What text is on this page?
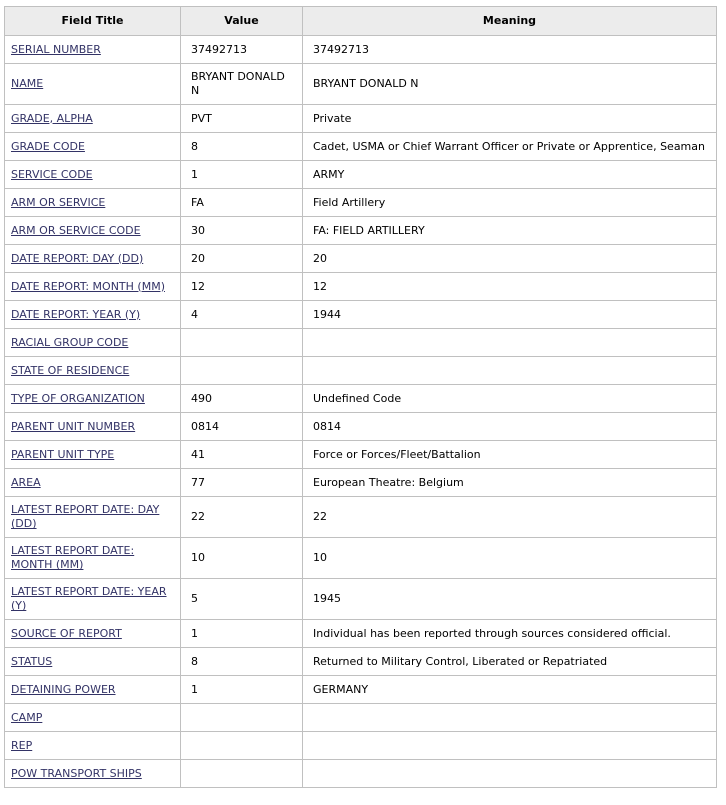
Field Title	Value	Meaning
SERIAL NUMBER	37492713	37492713
NAME	BRYANT DONALD N	BRYANT DONALD N
GRADE, ALPHA	PVT	Private
GRADE CODE	8	Cadet, USMA or Chief Warrant Officer or Private or Apprentice, Seaman
SERVICE CODE	1	ARMY
ARM OR SERVICE	FA	Field Artillery
ARM OR SERVICE CODE	30	FA: FIELD ARTILLERY
DATE REPORT: DAY (DD)	20	20
DATE REPORT: MONTH (MM)	12	12
DATE REPORT: YEAR (Y)	4	1944
RACIAL GROUP CODE		
STATE OF RESIDENCE		
TYPE OF ORGANIZATION	490	Undefined Code
PARENT UNIT NUMBER	0814	0814
PARENT UNIT TYPE	41	Force or Forces/Fleet/Battalion
AREA	77	European Theatre: Belgium
LATEST REPORT DATE: DAY (DD)	22	22
LATEST REPORT DATE: MONTH (MM)	10	10
LATEST REPORT DATE: YEAR (Y)	5	1945
SOURCE OF REPORT	1	Individual has been reported through sources considered official.
STATUS	8	Returned to Military Control, Liberated or Repatriated
DETAINING POWER	1	GERMANY
CAMP		
REP		
POW TRANSPORT SHIPS		
